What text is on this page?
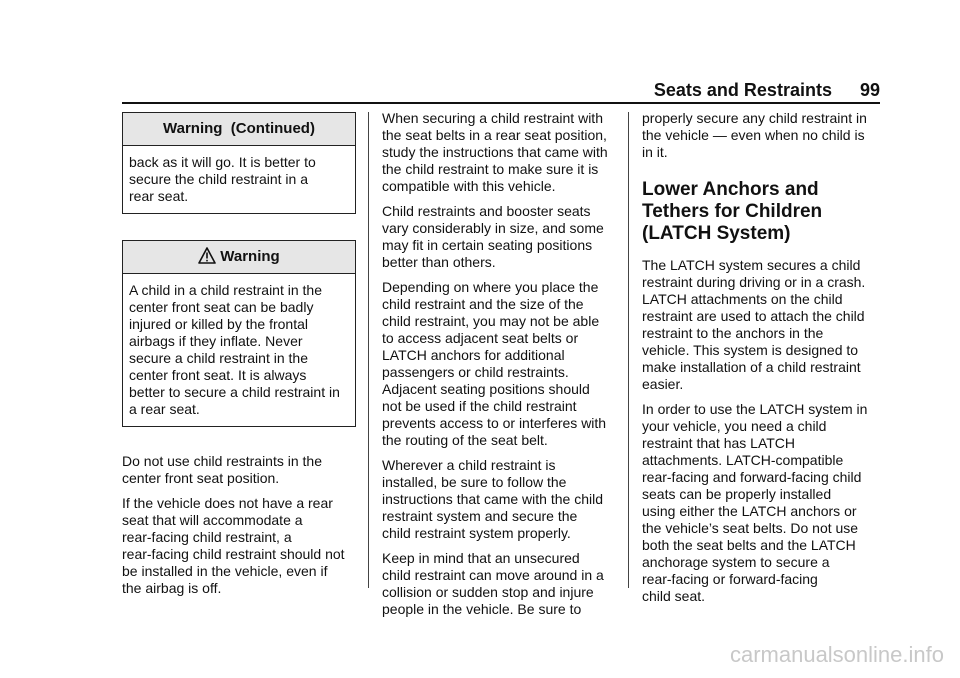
Seats and Restraints 99
Warning  (Continued)
back as it will go. It is better to
secure the child restraint in a
rear seat.
Warning
A child in a child restraint in the
center front seat can be badly
injured or killed by the frontal
airbags if they inflate. Never
secure a child restraint in the
center front seat. It is always
better to secure a child restraint in
a rear seat.

Do not use child restraints in the
center front seat position.

If the vehicle does not have a rear
seat that will accommodate a
rear-facing child restraint, a
rear-facing child restraint should not
be installed in the vehicle, even if
the airbag is off.

When securing a child restraint with
the seat belts in a rear seat position,
study the instructions that came with
the child restraint to make sure it is
compatible with this vehicle.

Child restraints and booster seats
vary considerably in size, and some
may fit in certain seating positions
better than others.

Depending on where you place the
child restraint and the size of the
child restraint, you may not be able
to access adjacent seat belts or
LATCH anchors for additional
passengers or child restraints.
Adjacent seating positions should
not be used if the child restraint
prevents access to or interferes with
the routing of the seat belt.

Wherever a child restraint is
installed, be sure to follow the
instructions that came with the child
restraint system and secure the
child restraint system properly.

Keep in mind that an unsecured
child restraint can move around in a
collision or sudden stop and injure
people in the vehicle. Be sure to

properly secure any child restraint in
the vehicle — even when no child is
in it.

Lower Anchors and
Tethers for Children
(LATCH System)

The LATCH system secures a child
restraint during driving or in a crash.
LATCH attachments on the child
restraint are used to attach the child
restraint to the anchors in the
vehicle. This system is designed to
make installation of a child restraint
easier.

In order to use the LATCH system in
your vehicle, you need a child
restraint that has LATCH
attachments. LATCH-compatible
rear-facing and forward-facing child
seats can be properly installed
using either the LATCH anchors or
the vehicle’s seat belts. Do not use
both the seat belts and the LATCH
anchorage system to secure a
rear-facing or forward-facing
child seat.

carmanualsonline.info
